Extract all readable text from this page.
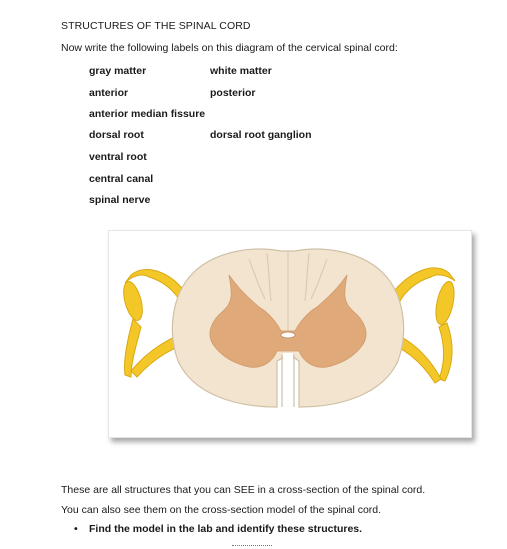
STRUCTURES OF THE SPINAL CORD
Now write the following labels on this diagram of the cervical spinal cord:
gray matter	white matter
anterior	posterior
anterior median fissure
dorsal root	dorsal root ganglion
ventral root
central canal
spinal nerve
These are all structures that you can SEE in a cross-section of the spinal cord.
You can also see them on the cross-section model of the spinal cord.
• Find the model in the lab and identify these structures.
